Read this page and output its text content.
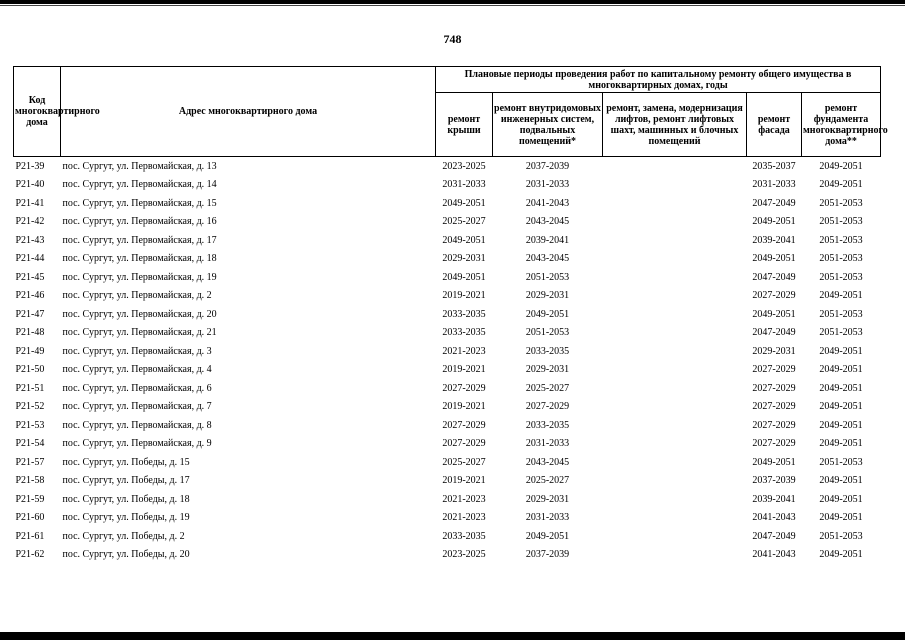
748
Код многоквартирного дома	Адрес многоквартирного дома	Плановые периоды проведения работ по капитальному ремонту общего имущества в многоквартирных домах, годы				
		ремонт крыши	ремонт внутридомовых инженерных систем, подвальных помещений*	ремонт, замена, модернизация лифтов, ремонт лифтовых шахт, машинных и блочных помещений	ремонт фасада	ремонт фундамента многоквартирного дома**
P21-39	пос. Сургут, ул. Первомайская, д. 13	2023-2025	2037-2039		2035-2037	2049-2051
P21-40	пос. Сургут, ул. Первомайская, д. 14	2031-2033	2031-2033		2031-2033	2049-2051
P21-41	пос. Сургут, ул. Первомайская, д. 15	2049-2051	2041-2043		2047-2049	2051-2053
P21-42	пос. Сургут, ул. Первомайская, д. 16	2025-2027	2043-2045		2049-2051	2051-2053
P21-43	пос. Сургут, ул. Первомайская, д. 17	2049-2051	2039-2041		2039-2041	2051-2053
P21-44	пос. Сургут, ул. Первомайская, д. 18	2029-2031	2043-2045		2049-2051	2051-2053
P21-45	пос. Сургут, ул. Первомайская, д. 19	2049-2051	2051-2053		2047-2049	2051-2053
P21-46	пос. Сургут, ул. Первомайская, д. 2	2019-2021	2029-2031		2027-2029	2049-2051
P21-47	пос. Сургут, ул. Первомайская, д. 20	2033-2035	2049-2051		2049-2051	2051-2053
P21-48	пос. Сургут, ул. Первомайская, д. 21	2033-2035	2051-2053		2047-2049	2051-2053
P21-49	пос. Сургут, ул. Первомайская, д. 3	2021-2023	2033-2035		2029-2031	2049-2051
P21-50	пос. Сургут, ул. Первомайская, д. 4	2019-2021	2029-2031		2027-2029	2049-2051
P21-51	пос. Сургут, ул. Первомайская, д. 6	2027-2029	2025-2027		2027-2029	2049-2051
P21-52	пос. Сургут, ул. Первомайская, д. 7	2019-2021	2027-2029		2027-2029	2049-2051
P21-53	пос. Сургут, ул. Первомайская, д. 8	2027-2029	2033-2035		2027-2029	2049-2051
P21-54	пос. Сургут, ул. Первомайская, д. 9	2027-2029	2031-2033		2027-2029	2049-2051
P21-57	пос. Сургут, ул. Победы, д. 15	2025-2027	2043-2045		2049-2051	2051-2053
P21-58	пос. Сургут, ул. Победы, д. 17	2019-2021	2025-2027		2037-2039	2049-2051
P21-59	пос. Сургут, ул. Победы, д. 18	2021-2023	2029-2031		2039-2041	2049-2051
P21-60	пос. Сургут, ул. Победы, д. 19	2021-2023	2031-2033		2041-2043	2049-2051
P21-61	пос. Сургут, ул. Победы, д. 2	2033-2035	2049-2051		2047-2049	2051-2053
P21-62	пос. Сургут, ул. Победы, д. 20	2023-2025	2037-2039		2041-2043	2049-2051
